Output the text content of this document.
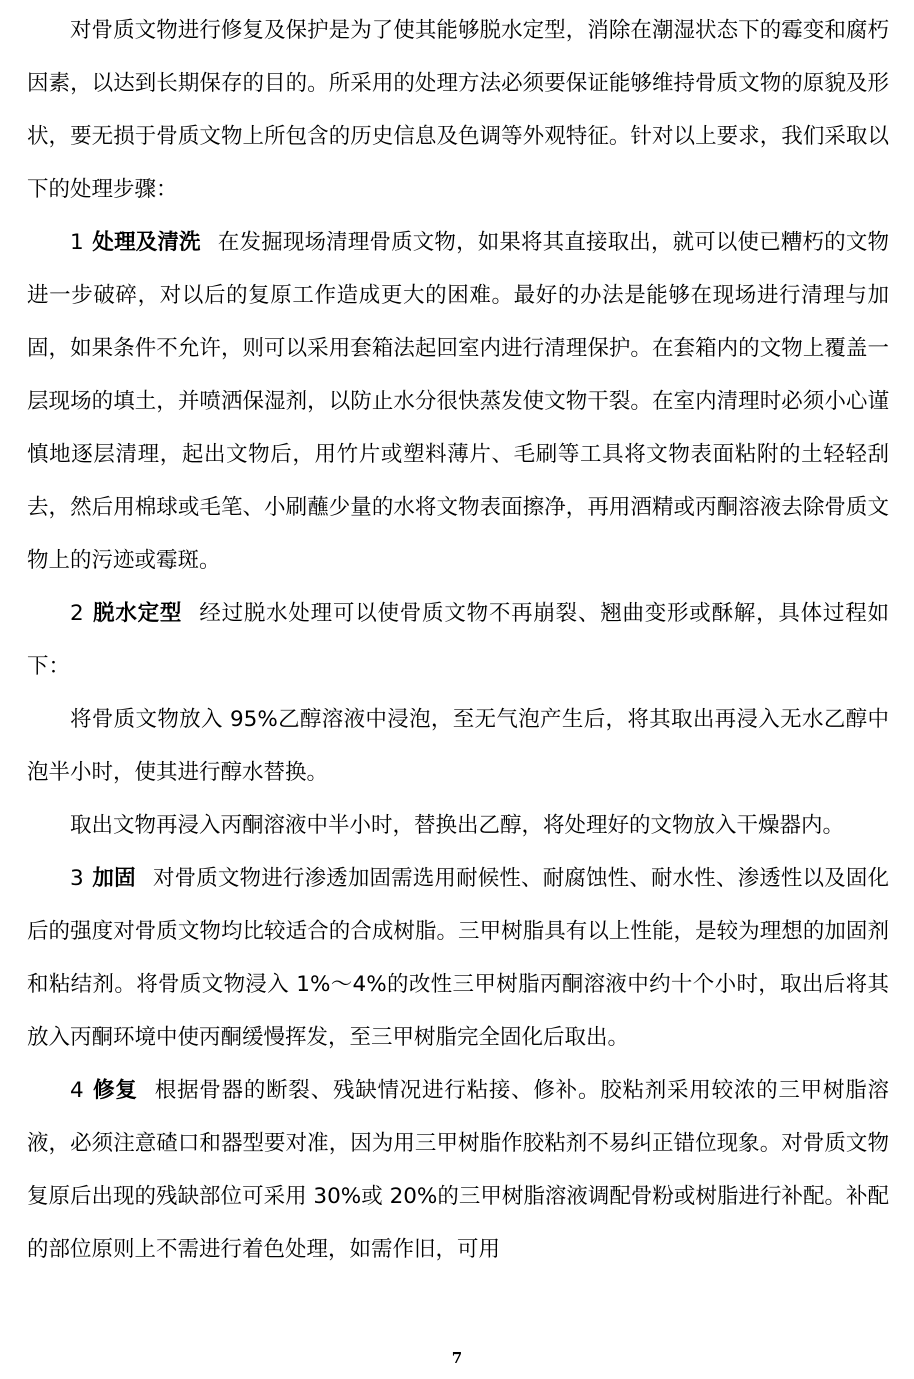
对骨质文物进行修复及保护是为了使其能够脱水定型，消除在潮湿状态下的霉变和腐朽因素，以达到长期保存的目的。所采用的处理方法必须要保证能够维持骨质文物的原貌及形状，要无损于骨质文物上所包含的历史信息及色调等外观特征。针对以上要求，我们采取以下的处理步骤：

1 处理及清洗 在发掘现场清理骨质文物，如果将其直接取出，就可以使已糟朽的文物进一步破碎，对以后的复原工作造成更大的困难。最好的办法是能够在现场进行清理与加固，如果条件不允许，则可以采用套箱法起回室内进行清理保护。在套箱内的文物上覆盖一层现场的填土，并喷洒保湿剂，以防止水分很快蒸发使文物干裂。在室内清理时必须小心谨慎地逐层清理，起出文物后，用竹片或塑料薄片、毛刷等工具将文物表面粘附的土轻轻刮去，然后用棉球或毛笔、小刷蘸少量的水将文物表面擦净，再用酒精或丙酮溶液去除骨质文物上的污迹或霉斑。

2 脱水定型 经过脱水处理可以使骨质文物不再崩裂、翘曲变形或酥解，具体过程如下：

将骨质文物放入 95%乙醇溶液中浸泡，至无气泡产生后，将其取出再浸入无水乙醇中泡半小时，使其进行醇水替换。

取出文物再浸入丙酮溶液中半小时，替换出乙醇，将处理好的文物放入干燥器内。

3 加固 对骨质文物进行渗透加固需选用耐候性、耐腐蚀性、耐水性、渗透性以及固化后的强度对骨质文物均比较适合的合成树脂。三甲树脂具有以上性能，是较为理想的加固剂和粘结剂。将骨质文物浸入 1%～4%的改性三甲树脂丙酮溶液中约十个小时，取出后将其放入丙酮环境中使丙酮缓慢挥发，至三甲树脂完全固化后取出。

4 修复 根据骨器的断裂、残缺情况进行粘接、修补。胶粘剂采用较浓的三甲树脂溶液，必须注意碴口和器型要对准，因为用三甲树脂作胶粘剂不易纠正错位现象。对骨质文物复原后出现的残缺部位可采用 30%或 20%的三甲树脂溶液调配骨粉或树脂进行补配。补配的部位原则上不需进行着色处理，如需作旧，可用

7
